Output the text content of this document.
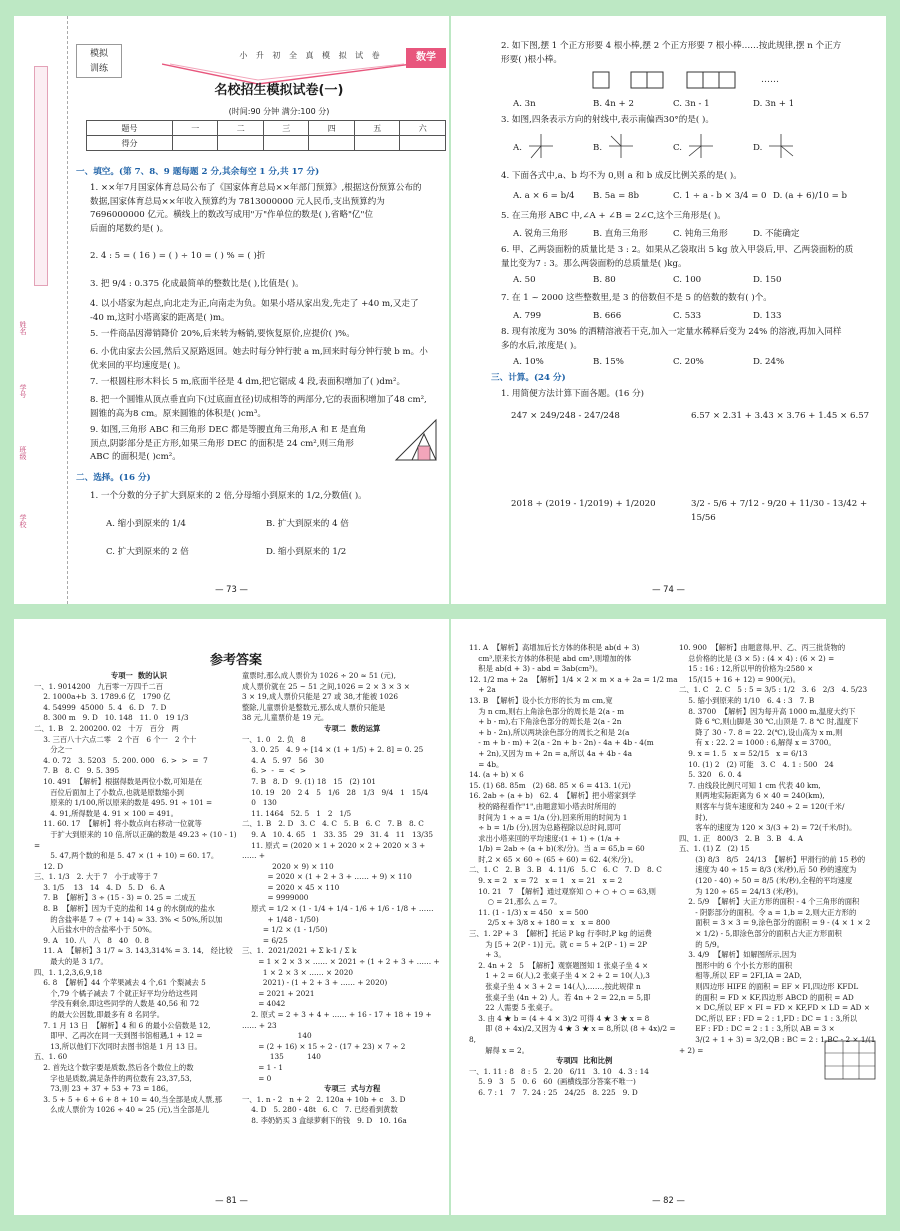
姓名
学号
班级
学校
模拟
训练
小 升 初 全 真 模 拟 试 卷	数学
名校招生模拟试卷(一)
(时间:90 分钟 满分:100 分)
题号	一	二	三	四	五	六
得分						
一、填空。(第 7、8、9 题每题 2 分,其余每空 1 分,共 17 分)
1. ××年7月国家体育总局公布了《国家体育总局××年部门预算》,根据这份预算公布的
数据,国家体育总局××年收入预算约为 7813000000 元人民币,支出预算约为
7696000000 亿元。横线上的数改写成用"万"作单位的数是( ),省略"亿"位
后面的尾数约是( )。
2. 4 : 5 = ( 16 ) = ( ) ÷ 10 = ( ) % = ( )折
3. 把 9/4 : 0.375 化成最简单的整数比是( ),比值是( )。
4. 以小塔家为起点,向北走为正,向南走为负。如果小塔从家出发,先走了 +40 m,又走了
-40 m,这时小塔离家的距离是( )m。
5. 一件商品因滞销降价 20%,后来转为畅销,要恢复原价,应提价( )%。
6. 小优由家去公园,然后又原路返回。她去时每分钟行驶 a m,回来时每分钟行驶 b m。小
优来回的平均速度是( )。
7. 一根圆柱形木料长 5 m,底面半径是 4 dm,把它锯成 4 段,表面积增加了( )dm²。
8. 把一个圆锥从顶点垂直向下(过底面直径)切成相等的两部分,它的表面积增加了48 cm²,
圆锥的高为8 cm。原来圆锥的体积是( )cm³。
9. 如图,三角形 ABC 和三角形 DEC 都是等腰直角三角形,A 和 E 是直角
顶点,阴影部分是正方形,如果三角形 DEC 的面积是 24 cm²,则三角形
ABC 的面积是( )cm²。
二、选择。(16 分)
1. 一个分数的分子扩大到原来的 2 倍,分母缩小到原来的 1/2,分数值( )。
A. 缩小到原来的 1/4	B. 扩大到原来的 4 倍
C. 扩大到原来的 2 倍	D. 缩小到原来的 1/2
— 73 —
2. 如下图,摆 1 个正方形要 4 根小棒,摆 2 个正方形要 7 根小棒……按此规律,摆 n 个正方
形要( )根小棒。
……
A. 3n	B. 4n + 2	C. 3n - 1	D. 3n + 1
3. 如图,四条表示方向的射线中,表示南偏西30°的是( )。
A.	B.	C.	D.
4. 下面各式中,a、b 均不为 0,则 a 和 b 成反比例关系的是( )。
A. a × 6 = b/4 B. 5a = 8b	C. 1 ÷ a - b × 3/4 = 0 D. (a + 6)/10 = b
5. 在三角形 ABC 中,∠A + ∠B = 2∠C,这个三角形是( )。
A. 锐角三角形	B. 直角三角形	C. 钝角三角形	D. 不能确定
6. 甲、乙两袋面粉的质量比是 3 : 2。如果从乙袋取出 5 kg 放入甲袋后,甲、乙两袋面粉的质
量比变为7 : 3。那么两袋面粉的总质量是( )kg。
A. 50	B. 80	C. 100	D. 150
7. 在 1 ~ 2000 这些整数里,是 3 的倍数但不是 5 的倍数的数有( )个。
A. 799	B. 666	C. 533	D. 133
8. 现有浓度为 30% 的洒精溶液若干克,加入一定量水稀释后变为 24% 的溶液,再加入同样
多的水后,浓度是( )。
A. 10%	B. 15%	C. 20%	D. 24%
三、计算。(24 分)
1. 用简便方法计算下面各题。(16 分)
247 × 249/248 - 247/248	6.57 × 2.31 + 3.43 × 3.76 + 1.45 × 6.57
2018 ÷ (2019 - 1/2019) + 1/2020	3/2 - 5/6 + 7/12 - 9/20 + 11/30 - 13/42 + 15/56
— 74 —
参考答案
专项一  数的认识
一、1. 9014200   九百零一万四千二百
2. 1000a+b  3. 1789.6 亿   1790 亿
4. 54999  45000  5. 4   6. D   7. D
8. 300 m   9. D   10. 148   11. 0   19 1/3
二、1. B   2. 200200. 02   十万   百分   两
3. 三百八十六点二零   2 个百   6 个一   2 个十
分之一
4. 0. 72   3. 5203   5. 200. 000   6. >  >  =  7
7. B   8. C   9. 5. 395
10. 491  【解析】根据得数是两位小数,可知是在
百位后面加上了小数点,也就是原数缩小到
原来的 1/100,所以原来的数是 495. 91 ÷ 101 =
4. 91,所得数是 4. 91 × 100 = 491。
11. 60. 17  【解析】将小数点向右移动一位就等
于扩大到原来的 10 倍,所以正确的数是 49.23 ÷ (10 - 1) =
5. 47,两个数的和是 5. 47 × (1 + 10) = 60. 17。
12. D
三、1. 1/3   2. 大于 7   小于或等于 7
3. 1/5    13   14   4. D   5. D   6. A
7. B  【解析】3 ÷ (15 - 3) = 0. 25 = 二成五
8. B  【解析】因为千克的盐和 14 g 的水倒成的盐水
的含盐率是 7 ÷ (7 + 14) ≈ 33. 3% < 50%,所以加
入后盐水中的含盐率小于 50%。
9. A   10. 八   八   8   40   0. 8
11. A  【解析】3 1/7 ≈ 3. 143,314% = 3. 14,   经比较
最大的是 3 1/7。
四、1. 1,2,3,6,9,18
6. 8  【解析】44 个苹果减去 4 个,61 个梨减去 5
个,79 个橘子减去 7 个就正好平均分给这些同
学没有剩余,即这些同学的人数是 40,56 和 72
的最大公因数,即最多有 8 名同学。
7. 1 月 13 日  【解析】4 和 6 的最小公倍数是 12,
即甲、乙再次在同一天到图书馆相遇,1 + 12 =
13,所以他们下次同时去图书馆是 1 月 13 日。
五、1. 60
2. 首先这个数字要是质数,然后各个数位上的数
字也是质数,满足条件的两位数有 23,37,53,
73,则 23 + 37 + 53 + 73 = 186。
3. 5 + 5 + 6 + 6 + 8 + 10 = 40,当全部是成人票,那
么成人票价为 1026 ÷ 40 ≈ 25 (元),当全部是儿
童票时,那么成人票价为 1026 ÷ 20 ≈ 51 (元),
成人票价就在 25 ~ 51 之间,1026 = 2 × 3 × 3 ×
3 × 19,成人票价只能是 27 或 38,才能被 1026
整除,儿童票价是整数元,那么成人票价只能是
38 元,儿童票价是 19 元。
专项二  数的运算
一、1. 0   2. 负   8
3. 0. 25   4. 9 ÷ [14 × (1 + 1/5) + 2. 8] = 0. 25
4. A   5. 97   56   30
6. >  -  =  <  >
7. B   8. D   9. (1) 18   15   (2) 101
10. 19   20   2 4   5   1/6   28   1/3   9/4   1   15/4
0   130
11. 1464   52. 5   1   2   1/5
二、1. B   2. D   3. C   4. C   5. B   6. C   7. B   8. C
9. A   10. 4. 65   1   33. 35   29   31. 4   11   13/35
11. 原式 = (2020 × 1 + 2020 × 2 + 2020 × 3 + …… +
2020 × 9) × 110
= 2020 × (1 + 2 + 3 + …… + 9) × 110
= 2020 × 45 × 110
= 9999000
原式 = 1/2 × (1 - 1/4 + 1/4 - 1/6 + 1/6 - 1/8 + ……
+ 1/48 - 1/50)
= 1/2 × (1 - 1/50)
= 6/25
三、1.  2021/2021 + Σ k-1 / Σ k
= 1 × 2 × 3 × …… × 2021 ÷ (1 + 2 + 3 + …… +
1 × 2 × 3 × …… × 2020
2021) - (1 + 2 + 3 + …… + 2020)
= 2021 + 2021
= 4042
2. 原式 = 2 + 3 + 4 + …… + 16 - 17 + 18 + 19 + …… + 23
140
= (2 + 16) × 15 ÷ 2 - (17 + 23) × 7 ÷ 2
135          140
= 1 - 1
= 0
专项三  式与方程
一、1. n - 2   n + 2   2. 120a + 10b + c   3. D
4. D   5. 280 - 48t   6. C   7. 已经看到黄数
8. 李奶奶买 3 盒绿萝剩下的钱   9. D   10. 16a
— 81 —
11. A  【解析】高增加后长方体的体积是 ab(d + 3)
cm³,原来长方体的体积是 abd cm³,则增加的体
积是 ab(d + 3) - abd = 3ab(cm³)。
12. 1/2 ma + 2a  【解析】1/4 × 2 × m × a + 2a = 1/2 ma
+ 2a
13. B  【解析】设小长方形的长为 m cm,宽
为 n cm,则右上角涂色部分的周长是 2(a - m
+ b - m),右下角涂色部分的周长是 2(a - 2n
+ b - 2n),所以两块涂色部分的周长之和是 2(a
- m + b - m) + 2(a - 2n + b - 2n) - 4a + 4b - 4(m
+ 2n),又因为 m + 2n = a,所以 4a + 4b - 4a
= 4b。
14. (a + b) × 6
15. (1) 68. 85m   (2) 68. 85 × 6 = 413. 1(元)
16. 2ab ÷ (a + b)   62. 4  【解析】把小塔家到学
校的路程看作"1",由题意知小塔去时所用的
时间为 1 ÷ a = 1/a (分),回来所用的时间为 1
÷ b = 1/b (分),因为总路程除以总时间,即可
求出小塔来回的平均速度:(1 + 1) ÷ (1/a +
1/b) = 2ab ÷ (a + b)(米/分)。当 a = 65,b = 60
时,2 × 65 × 60 ÷ (65 + 60) = 62. 4(米/分)。
二、1. C   2. B   3. B   4. 11/6   5. C   6. C   7. D   8. C
9. x = 2   x = 72   x = 1   x = 21   x = 2
10. 21   7  【解析】通过观察知 ○ + ○ + ○ = 63,则
○ = 21,那么 △ = 7。
11. (1 - 1/3) x = 450   x = 500
2/5 x + 3/8 x + 180 = x   x = 800
三、1. 2P + 3  【解析】托运 P kg 行李时,P kg 的运费
为 [5 + 2(P - 1)] 元。就 c = 5 + 2(P - 1) = 2P
+ 3。
2. 4n + 2   5  【解析】观察题图知 1 张桌子坐 4 ×
1 + 2 = 6(人),2 张桌子坐 4 × 2 + 2 = 10(人),3
张桌子坐 4 × 3 + 2 = 14(人),……,按此规律 n
张桌子坐 (4n + 2) 人。若 4n + 2 = 22,n = 5,即
22 人需要 5 张桌子。
3. 由 4 ★ b = (4 + 4 × 3)/2 可得 4 ★ 3 ★ x = 8
即 (8 + 4x)/2,又因为 4 ★ 3 ★ x = 8,所以 (8 + 4x)/2 = 8,
解得 x = 2。
专项四  比和比例
一、1. 11 : 8   8 : 5   2. 20   6/11   3. 10   4. 3 : 14
5. 9   3   5   0. 6   60  (画横线部分答案不唯一)
6. 7 : 1   7   7. 24 : 25   24/25   8. 225   9. D
10. 900  【解析】由题意得,甲、乙、丙三批货物的
总价格的比是 (3 × 5) : (4 × 4) : (6 × 2) =
15 : 16 : 12,所以甲的价格为:2580 ×
15/(15 + 16 + 12) = 900(元)。
二、1. C   2. C   5 : 5 = 3/5 : 1/2   3. 6   2/3   4. 5/23
5. 缩小到原来的 1/10   6. 4 : 3   7. B
8. 3700  【解析】因为每升高 1000 m,温度大约下
降 6 ℃,则山脚是 30 ℃,山顶是 7. 8 ℃ 时,温度下
降了 30 - 7. 8 = 22. 2(℃),设山高为 x m,则
有 x : 22. 2 = 1000 : 6,解得 x = 3700。
9. x = 1. 5   x = 52/15   x = 6/13
10. (1) 2   (2) 可能   3. C   4. 1 : 500   24
5. 320   6. 0. 4
7. 由线段比例尺可知 1 cm 代表 40 km,
则两地实际距离为 6 × 40 = 240(km),
则客车与货车速度和为 240 ÷ 2 = 120(千米/
时),
客车的速度为 120 × 3/(3 + 2) = 72(千米/时)。
四、1. 正   800/3   2. B   3. B   4. A
五、1. (1) Z   (2) 15
(3) 8/3   8/5   24/13  【解析】甲滑行的前 15 秒的
速度为 40 ÷ 15 = 8/3 (米/秒),后 50 秒的速度为
(120 - 40) ÷ 50 = 8/5 (米/秒),全程的平均速度
为 120 ÷ 65 = 24/13 (米/秒)。
2. 5/9  【解析】大正方形的面积 - 4 个三角形的面积
- 阴影部分的面积。令 a = 1,b = 2,则大正方形的
面积 = 3 × 3 = 9,涂色部分的面积 = 9 - (4 × 1 × 2
× 1/2) - 5,即涂色部分的面积占大正方形面积
的 5/9。
3. 4/9  【解析】如解图所示,因为
图形中的 6 个小长方形的面积
相等,所以 EF = 2FI,IA = 2AD,
则四边形 HIFE 的面积 = EF × FI,四边形 KFDL
的面积 = FD × KF,四边形 ABCD 的面积 = AD
× DC,所以 EF × FI = FD × KF,FD × LD = AD ×
DC,所以 EF : FD = 2 : 1,FD : DC = 1 : 3,所以
EF : FD : DC = 2 : 1 : 3,所以 AB = 3 ×
3/(2 + 1 + 3) = 3/2,QB : BC = 2 : 1,BC - 2 × 1/(1 + 2) =
— 82 —
